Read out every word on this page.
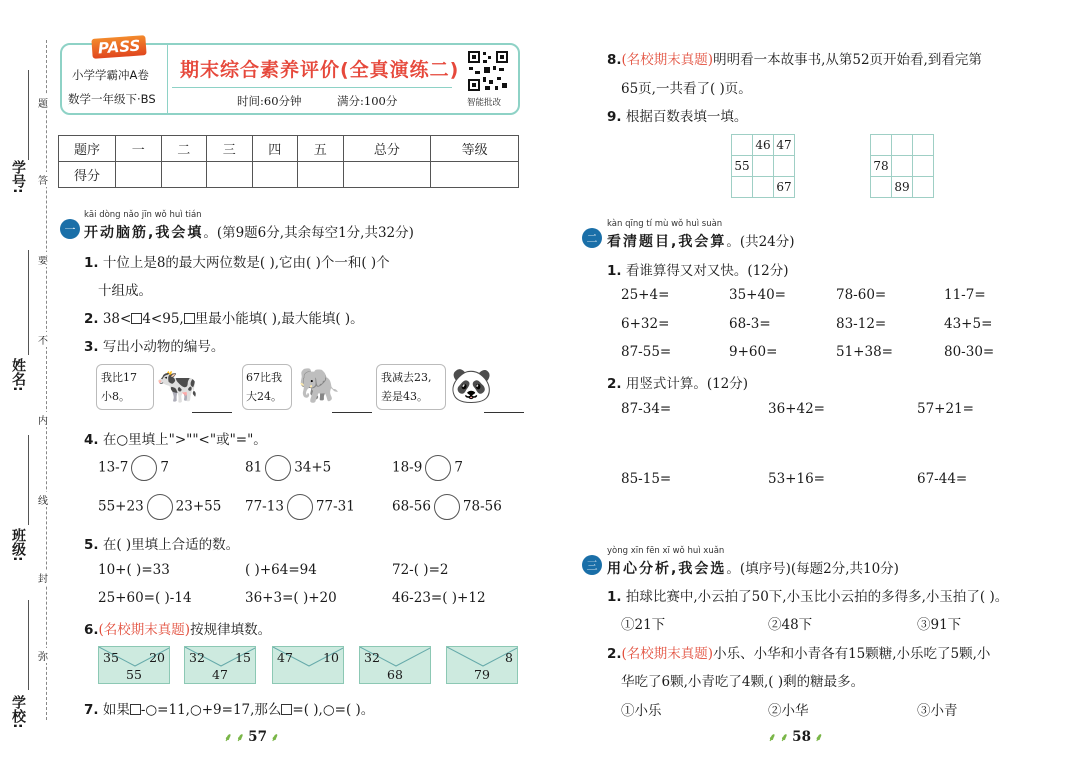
学号:
姓名:
班级:
学校:
题
答
要
不
内
线
封
弥
PASS
小学学霸冲A卷
数学一年级下·BS
期末综合素养评价(全真演练二)
时间:60分钟	满分:100分	智能批改
题序	一	二	三	四	五	总分	等级
得分							
kāi dòng nǎo jīn wǒ huì tián
一 开动脑筋,我会填。(第9题6分,其余每空1分,共32分)
1. 十位上是8的最大两位数是( ),它由( )个一和( )个
十组成。
2. 38< 4<95, 里最小能填( ),最大能填( )。
3. 写出小动物的编号。
我比17
小8。 🐄	67比我
大24。 🐘	我减去23,
差是43。 🐼
4. 在○里填上">""<"或"="。
13-7 7	81 34+5	18-9 7
55+23 23+55 77-13 77-31	68-56 78-56
5. 在( )里填上合适的数。
10+( )=33	( )+64=94	72-( )=2
25+60=( )-14	36+3=( )+20	46-23=( )+12
6.(名校期末真题)按规律填数。
35 20
55
32 15
47
47 10 32
68
8
79
7. 如果 -○=11,○+9=17,那么 =( ),○=( )。
⸙ ⸙ 57 ⸙
8.(名校期末真题)明明看一本故事书,从第52页开始看,到看完第
65页,一共看了( )页。
9. 根据百数表填一填。
	46	47
55		
		67

78		
	89	
kàn qīng tí mù wǒ huì suàn
二 看清题目,我会算。(共24分)
1. 看谁算得又对又快。(12分)
25+4=	35+40=	78-60=	11-7=
6+32=	68-3=	83-12=	43+5=
87-55=	9+60=	51+38=	80-30=
2. 用竖式计算。(12分)
87-34=	36+42=	57+21=
85-15=	53+16=	67-44=
yòng xīn fēn xī wǒ huì xuǎn
三 用心分析,我会选。(填序号)(每题2分,共10分)
1. 拍球比赛中,小云拍了50下,小玉比小云拍的多得多,小玉拍了( )。
①21下	②48下	③91下
2.(名校期末真题)小乐、小华和小青各有15颗糖,小乐吃了5颗,小
华吃了6颗,小青吃了4颗,( )剩的糖最多。
①小乐	②小华	③小青
⸙ ⸙ 58 ⸙
